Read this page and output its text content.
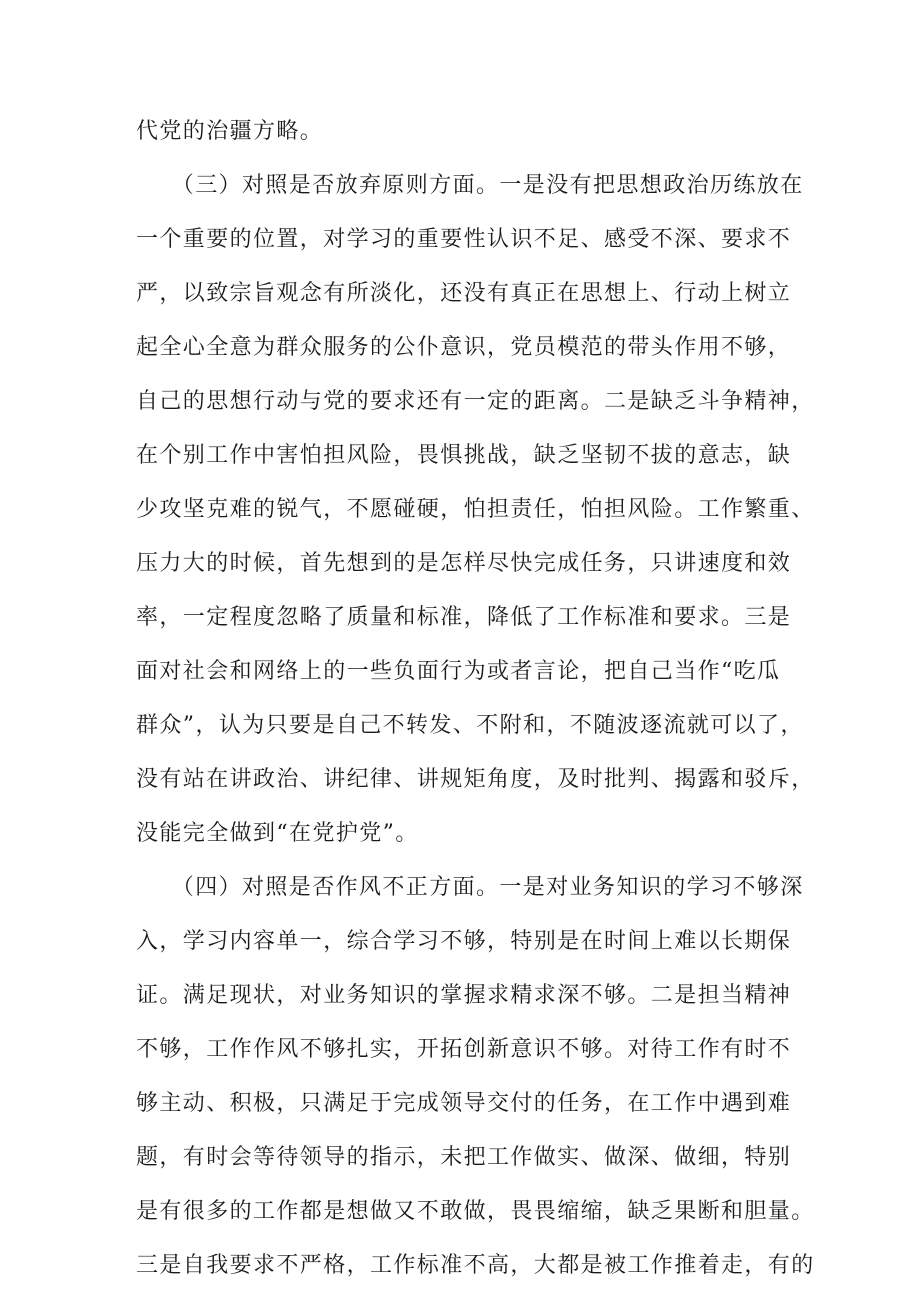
代党的治疆方略。
　　（三）对照是否放弃原则方面。一是没有把思想政治历练放在
一个重要的位置，对学习的重要性认识不足、感受不深、要求不
严，以致宗旨观念有所淡化，还没有真正在思想上、行动上树立
起全心全意为群众服务的公仆意识，党员模范的带头作用不够，
自己的思想行动与党的要求还有一定的距离。二是缺乏斗争精神，
在个别工作中害怕担风险，畏惧挑战，缺乏坚韧不拔的意志，缺
少攻坚克难的锐气，不愿碰硬，怕担责任，怕担风险。工作繁重、
压力大的时候，首先想到的是怎样尽快完成任务，只讲速度和效
率，一定程度忽略了质量和标准，降低了工作标准和要求。三是
面对社会和网络上的一些负面行为或者言论，把自己当作“吃瓜
群众”，认为只要是自己不转发、不附和，不随波逐流就可以了，
没有站在讲政治、讲纪律、讲规矩角度，及时批判、揭露和驳斥，
没能完全做到“在党护党”。
　　（四）对照是否作风不正方面。一是对业务知识的学习不够深
入，学习内容单一，综合学习不够，特别是在时间上难以长期保
证。满足现状，对业务知识的掌握求精求深不够。二是担当精神
不够，工作作风不够扎实，开拓创新意识不够。对待工作有时不
够主动、积极，只满足于完成领导交付的任务，在工作中遇到难
题，有时会等待领导的指示，未把工作做实、做深、做细，特别
是有很多的工作都是想做又不敢做，畏畏缩缩，缺乏果断和胆量。
三是自我要求不严格，工作标准不高，大都是被工作推着走，有的
